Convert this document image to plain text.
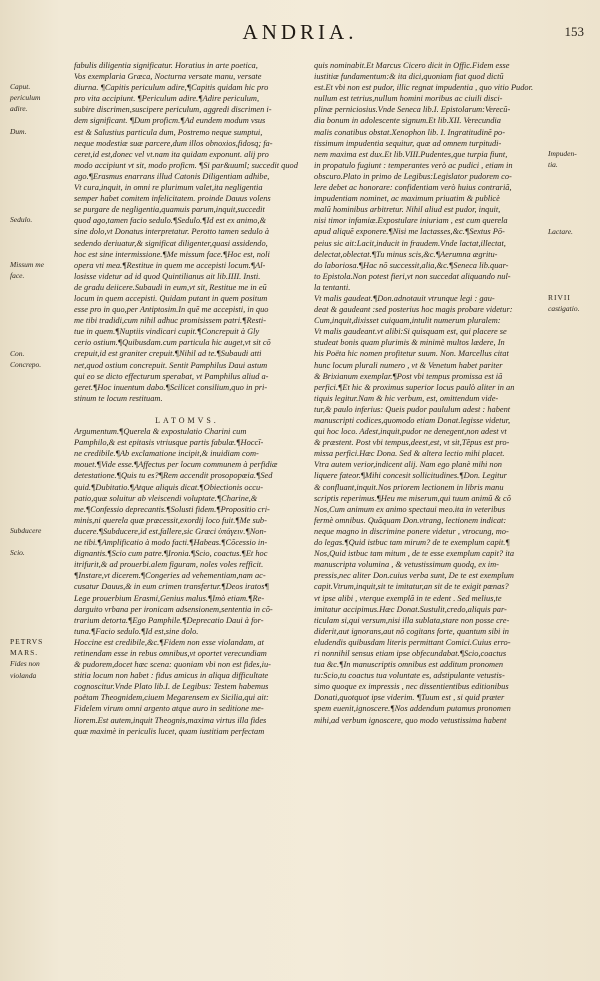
ANDRIA.	153
fabulis diligentia significatur. Horatius in arte poetica,
Vos exemplaria Græca, Nocturna versate manu, versate
diurna. ¶Capitis periculum adire,¶Capitis quidam hic pro
pro vita accipiunt. ¶Periculum adire.¶Adire periculum,
subire discrimen,suscipere periculum, aggredi discrimen i-
dem significant. ¶Dum proficm.¶Ad eundem modum vsus
est & Salustius particula dum, Postremo neque sumptui,
neque modestiæ suæ parcere,dum illos obnoxios,fidosq; fa-
ceret,id est,donec vel vt.nam ita quidam exponunt. alij pro
modo accipiunt vt sit, modo proficm. ¶Si par&uuml; succedit quod
ago.¶Erasmus enarrans illud Catonis Diligentiam adhibe,
Vt cura,inquit, in omni re plurimum valet,ita negligentia
semper habet comitem infelicitatem. proinde Dauus volens
se purgare de negligentia,quamuis parum,inquit,succedit
quod ago,tamen facio sedulo.¶Sedulo.¶Id est ex animo,&
sine dolo,vt Donatus interpretatur. Perotto tamen sedulo à
sedendo deriuatur,& significat diligenter,quasi assidendo,
hoc est sine intermissione.¶Me missum face.¶Hoc est, noli
opera vti mea.¶Restitue in quem me accepisti locum.¶Al-
losisse videtur ad id quod Quintilianus ait lib.IIII. Insti.
de gradu deiicere.Subaudi in eum,vt sit, Restitue me in eũ
locum in quem accepisti. Quidam putant in quem positum
esse pro in quo,per Antiptosim.In quẽ me accepisti, in quo
me tibi tradidi,cum nihil adhuc promisissem patri.¶Resti-
tue in quem.¶Nuptiis vindicari cupit.¶Concrepuit à Gly
cerio ostium.¶Quibusdam.cum particula hic auget,vt sit cõ
crepuit,id est graniter crepuit.¶Nihil ad te.¶Subaudi atti
net,quod ostium concrepuit. Sentit Pamphilus Daui astum
qui eo se dicto effecturum sperabat, vt Pamphilus aliud a-
geret.¶Hoc inuentum dabo.¶Scilicet consilium,quo in pri-
stinum te locum restituam.
LATOMVS.
Argumentum.¶Querela & expostulatio Charini cum
Pamphilo,& est epitasis vtriusque partis fabulæ.¶Hoccī-
ne credibile.¶Ab exclamatione incipit,& inuidiam com-
mouet.¶Vide esse.¶Affectus per locum communem à perfidiæ
detestatione.¶Quis tu es?¶Rem accendit prosopopœia.¶Sed
quid.¶Dubitatio.¶Atque aliquis dicat.¶Obiectionis occu-
patio,quæ soluitur ab vleiscendi voluptate.¶Charine,&
me.¶Confessio deprecantis.¶Solusti fidem.¶Propositio cri-
minis,ni querela quæ præcessit,exordij loco fuit.¶Me sub-
ducere.¶Subducere,id est,fallere,sic Græci ὑπάγειν.¶Non-
ne tibi.¶Amplificatio à modo facti.¶Habeas.¶Cõcessio in-
dignantis.¶Scio cum patre.¶Ironia.¶Scio, coactus.¶Et hoc
itrifurit,& ad prouerbi.alem figuram, noles voles refficit.
¶Instare,vt dicerem.¶Congeries ad vehementiam,nam ac-
cusatur Dauus,& in eum crimen transfertur.¶Deos iratos¶
Lege prouerbium Erasmi,Genius malus.¶Imò etiam.¶Re-
darguito vrbana per ironicam adsensionem,sententia in cõ-
trarium detorta.¶Ego Pamphile.¶Deprecatio Daui à for-
tuna.¶Facio sedulo.¶Id est,sine dolo.
Hoccine est credibile,&c.¶Fidem non esse violandam, at
retinendam esse in rebus omnibus,vt oportet verecundiam
& pudorem,docet hæc scena: quoniam vbi non est fides,iu-
stitia locum non habet : fidus amicus in aliqua difficultate
cognoscitur.Vnde Plato lib.I. de Legibus: Testem habemus
poëtam Theognidem,ciuem Megarensem ex Sicilia,qui ait:
Fidelem virum omni argento atque auro in seditione me-
liorem.Est autem,inquit Theognis,maxima virtus illa fides
quæ maximè in periculis lucet, quam iustitiam perfectam
quis nominabit.Et Marcus Cicero dicit in Offic.Fidem esse
iustitiæ fundamentum:& ita dici,quoniam fiat quod dictũ
est.Et vbi non est pudor, illic regnat impudentia , quo vitio Pudor.
nullum est tetrius,nullum homini moribus ac ciuili disci-
plinæ perniciosius.Vnde Seneca lib.I. Epistolarum:Verecũ-
dia bonum in adolescente signum.Et lib.XII. Verecundia
malis conatibus obstat.Xenophon lib. I. Ingratitudinẽ po-
tissimum impudentia sequitur, quæ ad omnem turpitudi-
nem maxima est dux.Et lib.VIII.Pudentes,que turpia fiunt,
in propatulo fugiunt : temperantes verò ac pudici , etiam in
obscuro.Plato in primo de Legibus:Legislator pudorem co-
lere debet ac honorare: confidentiam verò huius contrariã,
impudentiam nominet, ac maximum priuatim & publicè
malũ hominibus arbitretur. Nihil aliud est pudor, inquit,
nisi timor infamiæ.Expostulare iniuriam , est cum querela
apud aliquẽ exponere.¶Nisi me lactasses,&c.¶Sextus Pō-
peius sic ait:Lacit,inducit in fraudem.Vnde lactat,illectat,
delectat,oblectat.¶Tu minus scis,&c.¶Aerumna ægritu-
do laboriosa.¶Hac nõ successit,alia,&c.¶Seneca lib.quar-
to Epistola.Non potest fieri,vt non succedat aliquando nul-
la tentanti.
Vt malis gaudeat.¶Don.adnotauit vtrunque legi : gau-
deat & gaudeant :sed posterius hoc magis probare videtur:
Cum,inquit,dixisset cuiquam,intulit numerum pluralem:
Vt malis gaudeant.vt alibi:Si quisquam est, qui placere se
studeat bonis quam plurimis & minimè multos lædere, In
his Poëta hic nomen profitetur suum. Non. Marcellus citat
hunc locum plurali numero , vt & Venetum habet pariter
& Brixianum exemplar.¶Post vbi tempus promissa est iã
perfici.¶Et hic & proximus superior locus paulò aliter in an
tiquis legitur.Nam & hic verbum, est, omittendum vide-
tur,& paulo inferius: Queis pudor paululum adest : habent
manuscripti codices,quomodo etiam Donat.legisse videtur,
qui hoc loco. Adest,inquit,pudor ne denegent,non adest vt
& præstent. Post vbi tempus,deest,est, vt sit,Tẽpus est pro-
missa perfici.Hæc Dona. Sed & altera lectio mihi placet.
Vtra autem verior,indicent alij. Nam ego planè mihi non
liquere fateor.¶Mihi concesit sollicitudines.¶Don. Legitur
& confluant,inquit.Nos priorem lectionem in libris manu
scriptis reperimus.¶Heu me miserum,qui tuum animũ & cõ
Nos,Cum animum ex animo spectaui meo.ita in veteribus
fermè omnibus. Quãquam Don.vtrang, lectionem indicat:
neque magno in discrimine ponere videtur , vtrocung, mo-
do legas.¶Quid istbuc tam mirum? de te exemplum capit.¶
Nos,Quid istbuc tam mitum , de te esse exemplum capit? ita
manuscripta volumina , & vetustissimum quodq, ex im-
pressis,nec aliter Don.cuius verba sunt, De te est exemplum
capit.Vtrum,inquit,sit te imitatur,an sit de te exigit pœnas?
vt ipse alibi , vterque exemplã in te edent . Sed melius,te
imitatur accipimus.Hæc Donat.Sustulit,credo,aliquis par-
ticulam si,qui versum,nisi illa sublata,stare non posse cre-
diderit,aut ignorans,aut nõ cogitans forte, quantum sibi in
eludendis quibusdam literis permittant Comici.Cuius erro-
ri nonnihil sensus etiam ipse obfecundabat.¶Scio,coactus
tua &c.¶In manuscriptis omnibus est additum pronomen
tu:Scio,tu coactus tua voluntate es, adstipulante vetustis-
simo quoque ex impressis , nec dissentientibus editionibus
Donati,quotquot ipse viderim. ¶Tuum est , si quid præter
spem euenit,ignoscere.¶Nos addendum putamus pronomen
mihi,ad verbum ignoscere, quo modo vetustissima habent
Caput.
periculum
adire.
Dum.
Sedulo.
Missum me
face.
Con.
Concrepo.
Subducere
Scio.
PETRVS
MARS.
Fides non
violanda
Impuden-
tia.
Lactare.
RIVII
castigatio.
